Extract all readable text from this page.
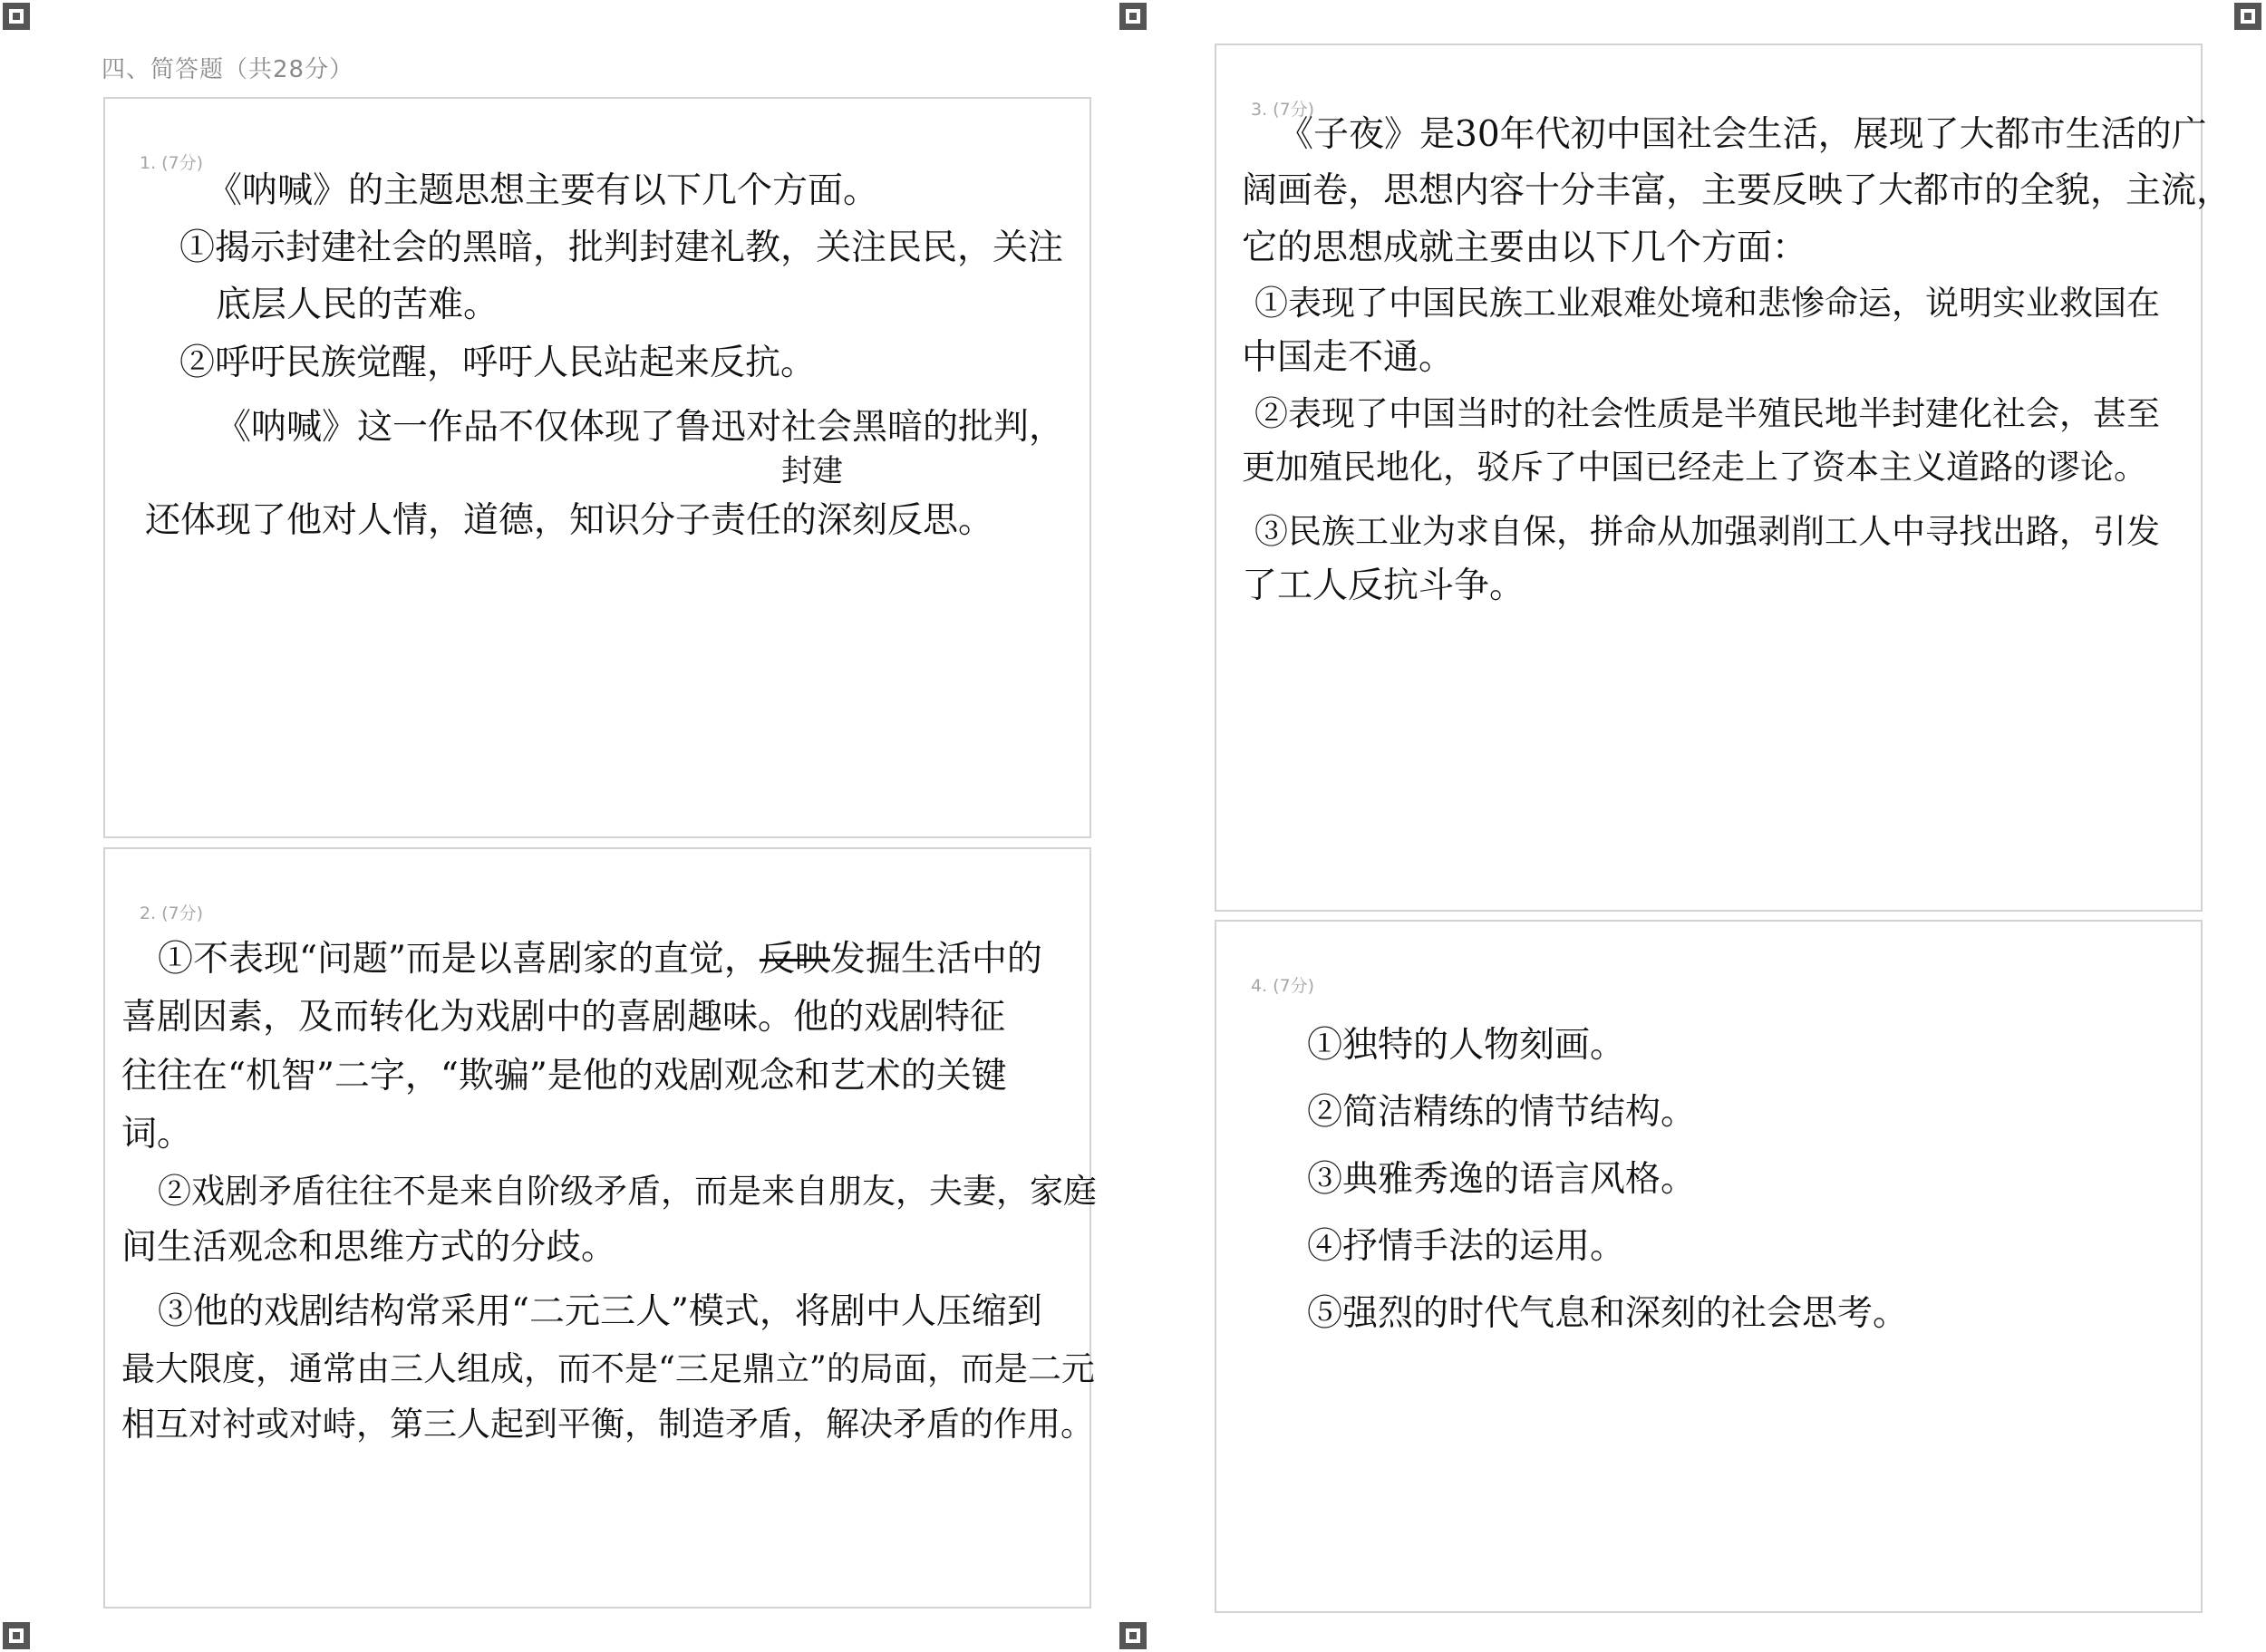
四、简答题（共28分）
1. (7分)

《呐喊》的主题思想主要有以下几个方面。

①揭示封建社会的黑暗，批判封建礼教，关注民民，关注

底层人民的苦难。

②呼吁民族觉醒，呼吁人民站起来反抗。

《呐喊》这一作品不仅体现了鲁迅对
封建
社会黑暗的批判，

还体现了他对人情，道德，知识分子责任的深刻反思。

2. (7分)

①不表现“问题”而是以喜剧家的直觉，反映发掘生活中的

喜剧因素，及而转化为戏剧中的喜剧趣味。他的戏剧特征

往往在“机智”二字，“欺骗”是他的戏剧观念和艺术的关键

词。

②戏剧矛盾往往不是来自阶级矛盾，而是来自朋友，夫妻，家庭

间生活观念和思维方式的分歧。

③他的戏剧结构常采用“二元三人”模式，将剧中人压缩到

最大限度，通常由三人组成，而不是“三足鼎立”的局面，而是二元

相互对衬或对峙，第三人起到平衡，制造矛盾，解决矛盾的作用。

3. (7分)

《子夜》是30年代初中国社会生活，展现了大都市生活的广

阔画卷，思想内容十分丰富，主要反映了大都市的全貌，主流，

它的思想成就主要由以下几个方面：

①表现了中国民族工业艰难处境和悲惨命运，说明实业救国在

中国走不通。

②表现了中国当时的社会性质是半殖民地半封建化社会，甚至

更加殖民地化，驳斥了中国已经走上了资本主义道路的谬论。

③民族工业为求自保，拼命从加强剥削工人中寻找出路，引发

了工人反抗斗争。

4. (7分)

①独特的人物刻画。

②简洁精练的情节结构。

③典雅秀逸的语言风格。

④抒情手法的运用。

⑤强烈的时代气息和深刻的社会思考。
